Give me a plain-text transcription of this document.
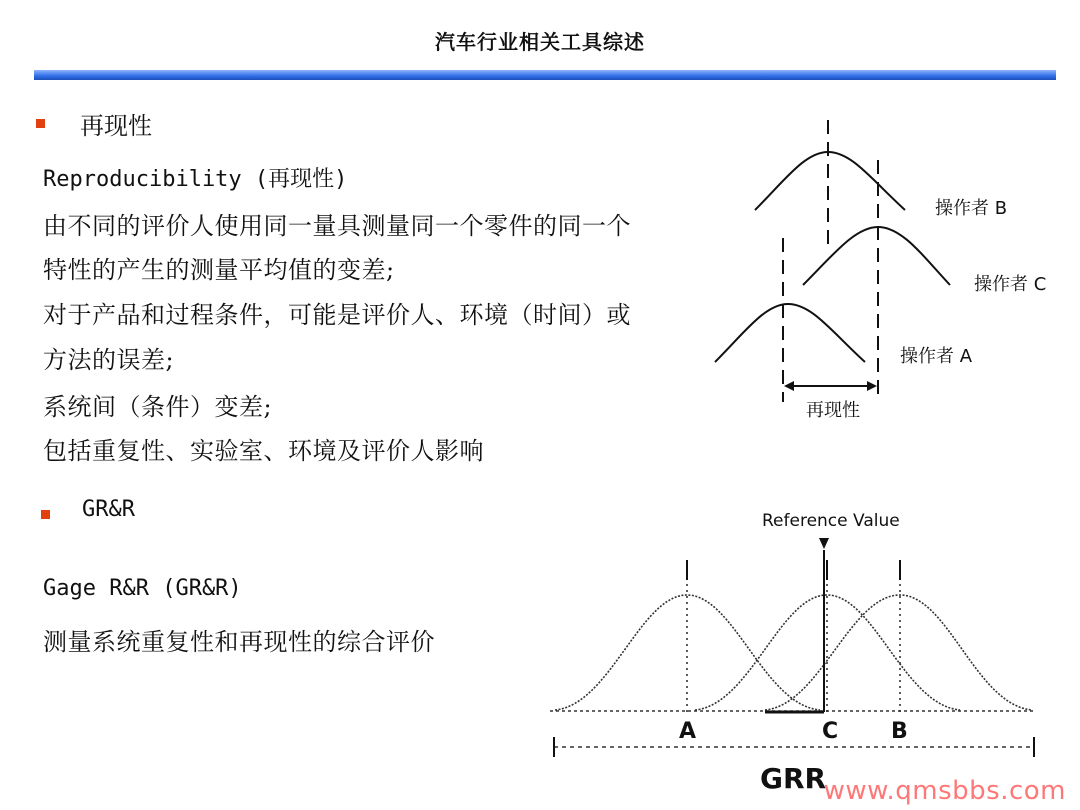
汽车行业相关工具综述
再现性
Reproducibility (再现性)
由不同的评价人使用同一量具测量同一个零件的同一个
特性的产生的测量平均值的变差;
对于产品和过程条件，可能是评价人、环境（时间）或
方法的误差;
系统间（条件）变差;
包括重复性、实验室、环境及评价人影响
操作者 B
操作者 C
操作者 A
再现性
GR&R
Gage R&R (GR&R)
测量系统重复性和再现性的综合评价
Reference Value
A	C B
GRR
www.qmsbbs.com
